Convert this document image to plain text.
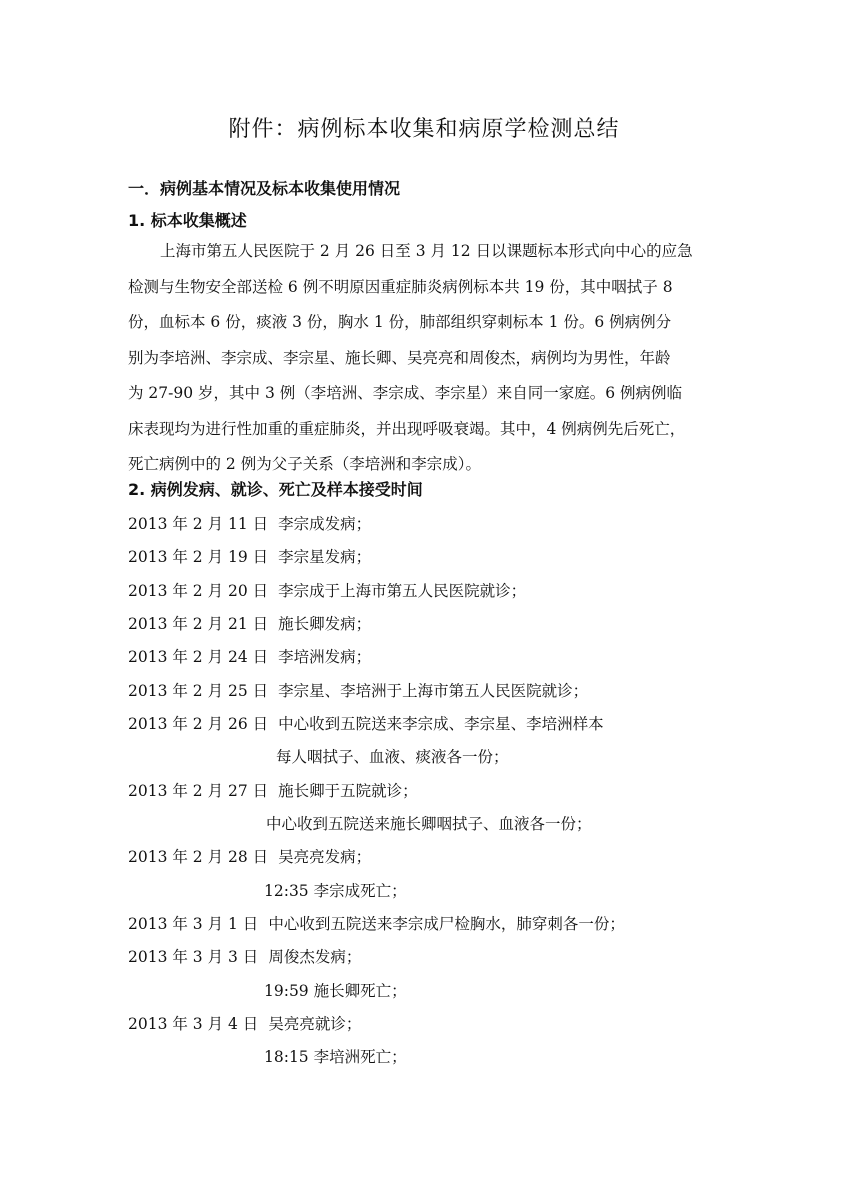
附件：病例标本收集和病原学检测总结
一．病例基本情况及标本收集使用情况
1. 标本收集概述
上海市第五人民医院于 2 月 26 日至 3 月 12 日以课题标本形式向中心的应急
检测与生物安全部送检 6 例不明原因重症肺炎病例标本共 19 份，其中咽拭子 8
份，血标本 6 份，痰液 3 份，胸水 1 份，肺部组织穿刺标本 1 份。6 例病例分
别为李培洲、李宗成、李宗星、施长卿、吴亮亮和周俊杰，病例均为男性，年龄
为 27-90 岁，其中 3 例（李培洲、李宗成、李宗星）来自同一家庭。6 例病例临
床表现均为进行性加重的重症肺炎，并出现呼吸衰竭。其中，4 例病例先后死亡，
死亡病例中的 2 例为父子关系（李培洲和李宗成）。
2. 病例发病、就诊、死亡及样本接受时间
2013 年 2 月 11 日 李宗成发病；
2013 年 2 月 19 日 李宗星发病；
2013 年 2 月 20 日 李宗成于上海市第五人民医院就诊；
2013 年 2 月 21 日 施长卿发病；
2013 年 2 月 24 日 李培洲发病；
2013 年 2 月 25 日 李宗星、李培洲于上海市第五人民医院就诊；
2013 年 2 月 26 日 中心收到五院送来李宗成、李宗星、李培洲样本
每人咽拭子、血液、痰液各一份；
2013 年 2 月 27 日 施长卿于五院就诊；
中心收到五院送来施长卿咽拭子、血液各一份；
2013 年 2 月 28 日 吴亮亮发病；
12:35 李宗成死亡；
2013 年 3 月 1 日 中心收到五院送来李宗成尸检胸水，肺穿刺各一份；
2013 年 3 月 3 日 周俊杰发病；
19:59 施长卿死亡；
2013 年 3 月 4 日 吴亮亮就诊；
18:15 李培洲死亡；
